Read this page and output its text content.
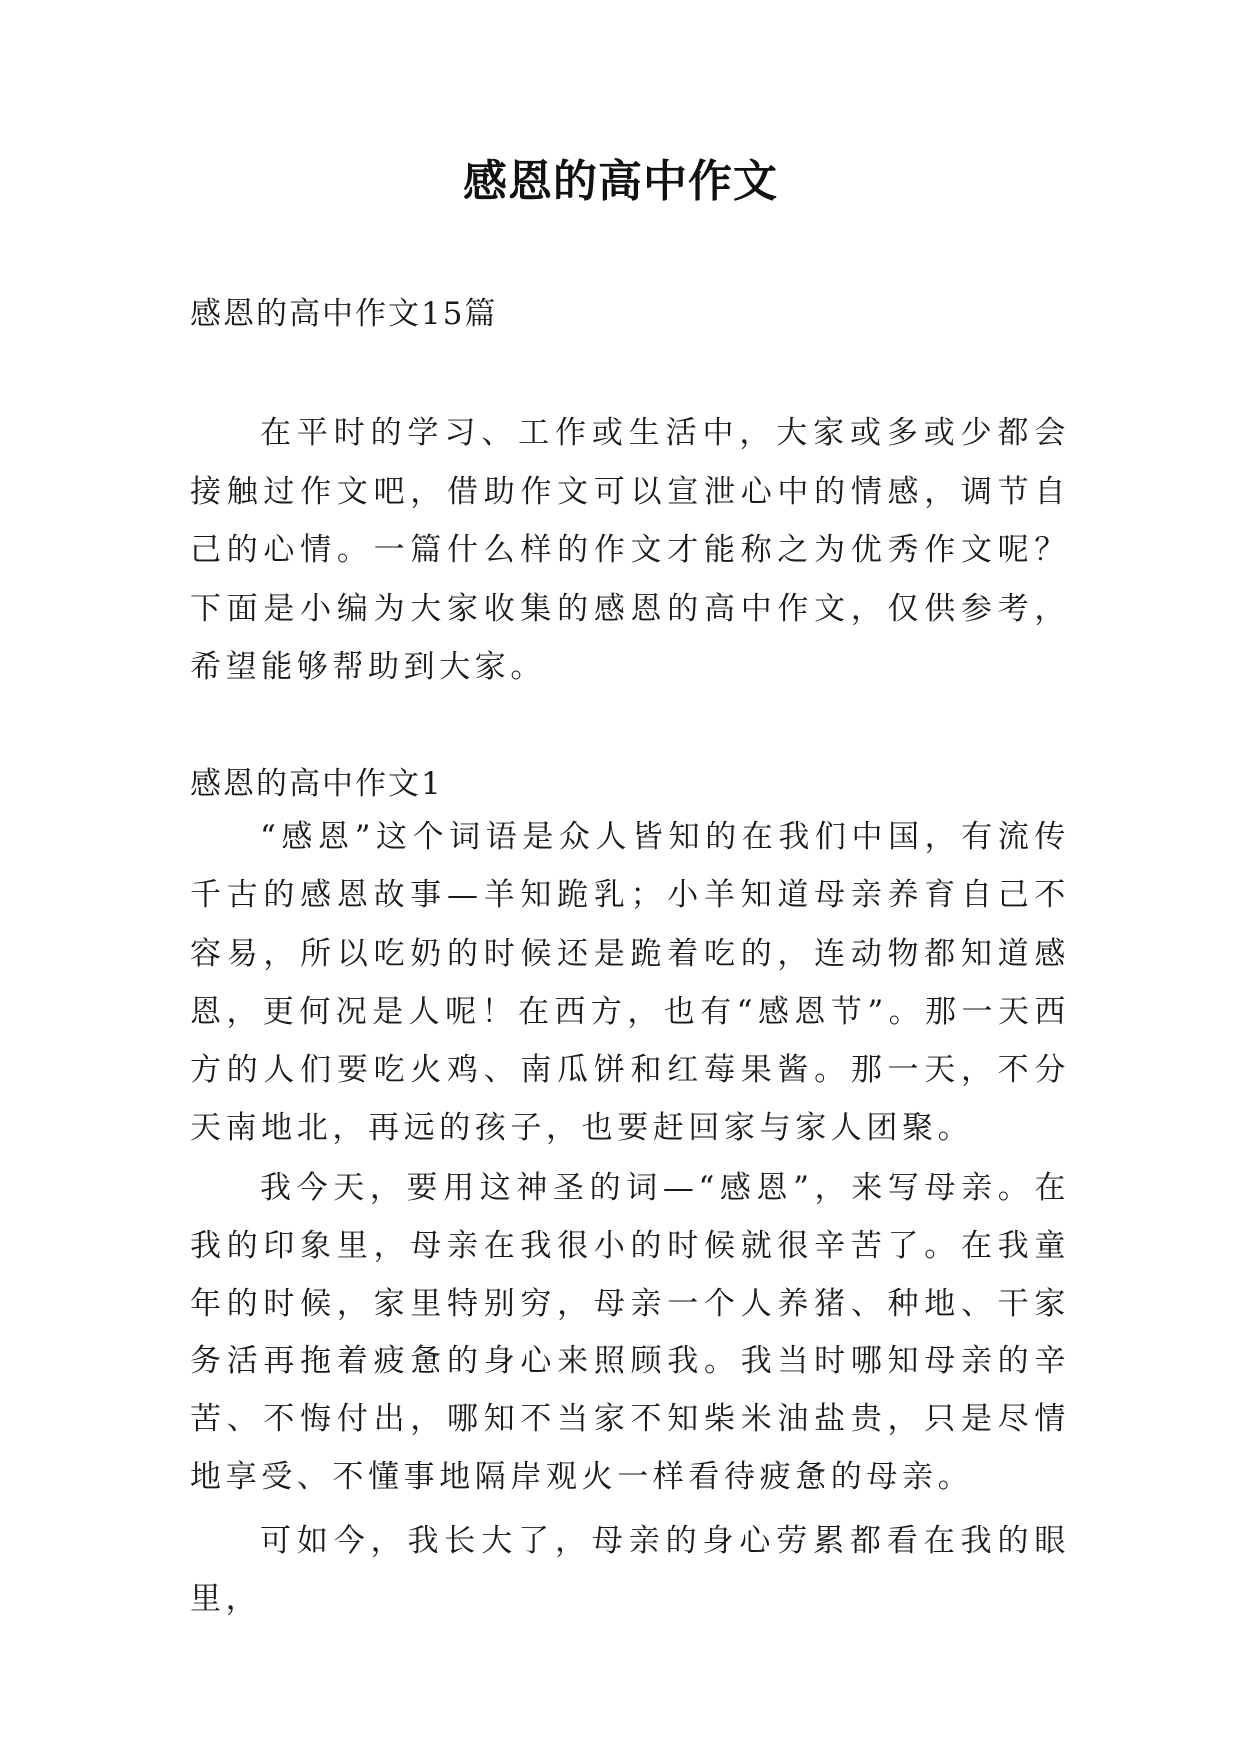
感恩的高中作文
感恩的高中作文15篇
在平时的学习、工作或生活中，大家或多或少都会接触过作文吧，借助作文可以宣泄心中的情感，调节自己的心情。一篇什么样的作文才能称之为优秀作文呢？下面是小编为大家收集的感恩的高中作文，仅供参考，希望能够帮助到大家。
感恩的高中作文1
“感恩”这个词语是众人皆知的在我们中国，有流传千古的感恩故事—羊知跪乳；小羊知道母亲养育自己不容易，所以吃奶的时候还是跪着吃的，连动物都知道感恩，更何况是人呢！在西方，也有“感恩节”。那一天西方的人们要吃火鸡、南瓜饼和红莓果酱。那一天，不分天南地北，再远的孩子，也要赶回家与家人团聚。
我今天，要用这神圣的词—“感恩”，来写母亲。在我的印象里，母亲在我很小的时候就很辛苦了。在我童年的时候，家里特别穷，母亲一个人养猪、种地、干家务活再拖着疲惫的身心来照顾我。我当时哪知母亲的辛苦、不悔付出，哪知不当家不知柴米油盐贵，只是尽情地享受、不懂事地隔岸观火一样看待疲惫的母亲。
可如今，我长大了，母亲的身心劳累都看在我的眼里，
